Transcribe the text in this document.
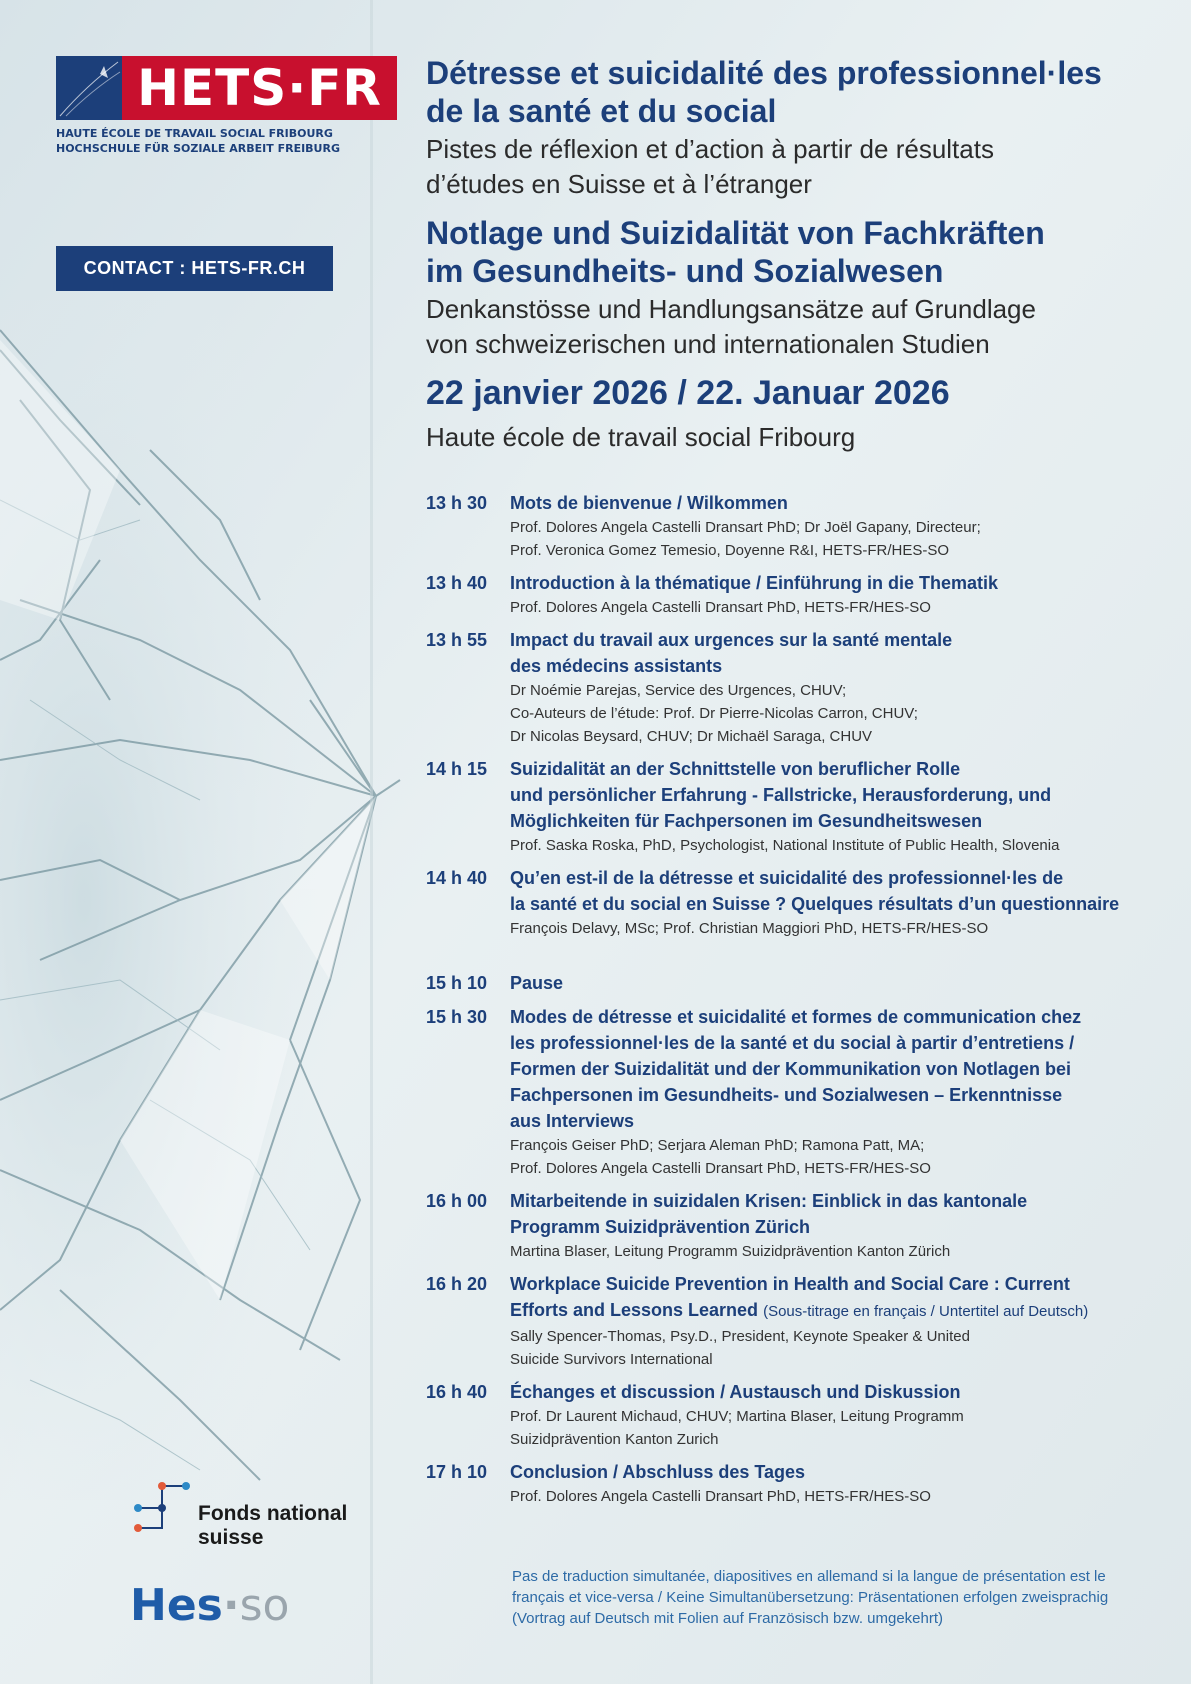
HETS·FR
HAUTE ÉCOLE DE TRAVAIL SOCIAL FRIBOURG
HOCHSCHULE FÜR SOZIALE ARBEIT FREIBURG
CONTACT : HETS-FR.CH
Détresse et suicidalité des professionnel·les
de la santé et du social

Pistes de réflexion et d’action à partir de résultats
d’études en Suisse et à l’étranger

Notlage und Suizidalität von Fachkräften
im Gesundheits- und Sozialwesen

Denkanstösse und Handlungsansätze auf Grundlage
von schweizerischen und internationalen Studien

22 janvier 2026 / 22. Januar 2026
Haute école de travail social Fribourg
13 h 30	Mots de bienvenue / Wilkommen
Prof. Dolores Angela Castelli Dransart PhD; Dr Joël Gapany, Directeur;
Prof. Veronica Gomez Temesio, Doyenne R&I, HETS-FR/HES-SO
13 h 40	Introduction à la thématique / Einführung in die Thematik
Prof. Dolores Angela Castelli Dransart PhD, HETS-FR/HES-SO
13 h 55	Impact du travail aux urgences sur la santé mentale
des médecins assistants
Dr Noémie Parejas, Service des Urgences, CHUV;
Co-Auteurs de l’étude: Prof. Dr Pierre-Nicolas Carron, CHUV;
Dr Nicolas Beysard, CHUV; Dr Michaël Saraga, CHUV
14 h 15	Suizidalität an der Schnittstelle von beruflicher Rolle
und persönlicher Erfahrung - Fallstricke, Herausforderung, und
Möglichkeiten für Fachpersonen im Gesundheitswesen
Prof. Saska Roska, PhD, Psychologist, National Institute of Public Health, Slovenia
14 h 40	Qu’en est-il de la détresse et suicidalité des professionnel·les de
la santé et du social en Suisse ? Quelques résultats d’un questionnaire
François Delavy, MSc; Prof. Christian Maggiori PhD, HETS-FR/HES-SO
15 h 10	Pause
15 h 30	Modes de détresse et suicidalité et formes de communication chez
les professionnel·les de la santé et du social à partir d’entretiens /
Formen der Suizidalität und der Kommunikation von Notlagen bei
Fachpersonen im Gesundheits- und Sozialwesen – Erkenntnisse
aus Interviews
François Geiser PhD; Serjara Aleman PhD; Ramona Patt, MA;
Prof. Dolores Angela Castelli Dransart PhD, HETS-FR/HES-SO
16 h 00	Mitarbeitende in suizidalen Krisen: Einblick in das kantonale
Programm Suizidprävention Zürich
Martina Blaser, Leitung Programm Suizidprävention Kanton Zürich
16 h 20	Workplace Suicide Prevention in Health and Social Care : Current
Efforts and Lessons Learned (Sous-titrage en français / Untertitel auf Deutsch)
Sally Spencer-Thomas, Psy.D., President, Keynote Speaker & United
Suicide Survivors International
16 h 40	Échanges et discussion / Austausch und Diskussion
Prof. Dr Laurent Michaud, CHUV; Martina Blaser, Leitung Programm
Suizidprävention Kanton Zurich
17 h 10	Conclusion / Abschluss des Tages
Prof. Dolores Angela Castelli Dransart PhD, HETS-FR/HES-SO
Pas de traduction simultanée, diapositives en allemand si la langue de présentation est le français et vice-versa / Keine Simultanübersetzung: Präsentationen erfolgen zweisprachig (Vortrag auf Deutsch mit Folien auf Französisch bzw. umgekehrt)
Fonds national
suisse
Hes·so
